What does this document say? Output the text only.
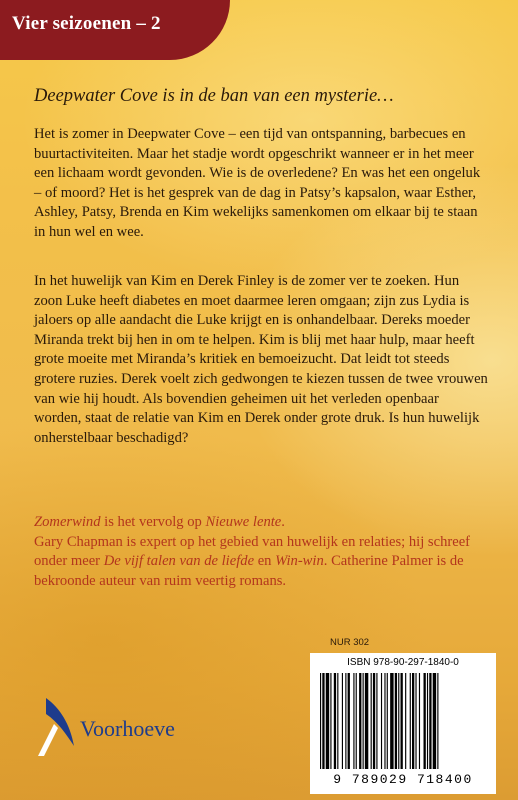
Vier seizoenen – 2
Deepwater Cove is in de ban van een mysterie…

Het is zomer in Deepwater Cove – een tijd van ontspanning, barbecues en buurtactiviteiten. Maar het stadje wordt opgeschrikt wanneer er in het meer een lichaam wordt gevonden. Wie is de overledene? En was het een ongeluk – of moord? Het is het gesprek van de dag in Patsy’s kapsalon, waar Esther, Ashley, Patsy, Brenda en Kim wekelijks samenkomen om elkaar bij te staan in hun wel en wee.

In het huwelijk van Kim en Derek Finley is de zomer ver te zoeken. Hun zoon Luke heeft diabetes en moet daarmee leren omgaan; zijn zus Lydia is jaloers op alle aandacht die Luke krijgt en is onhandelbaar. Dereks moeder Miranda trekt bij hen in om te helpen. Kim is blij met haar hulp, maar heeft grote moeite met Miranda’s kritiek en bemoeizucht. Dat leidt tot steeds grotere ruzies. Derek voelt zich gedwongen te kiezen tussen de twee vrouwen van wie hij houdt. Als bovendien geheimen uit het verleden openbaar worden, staat de relatie van Kim en Derek onder grote druk. Is hun huwelijk onherstelbaar beschadigd?

Zomerwind is het vervolg op Nieuwe lente.
Gary Chapman is expert op het gebied van huwelijk en relaties; hij schreef onder meer De vijf talen van de liefde en Win-win. Catherine Palmer is de bekroonde auteur van ruim veertig romans.

NUR 302
ISBN 978-90-297-1840-0
9 789029 718400
Voorhoeve
